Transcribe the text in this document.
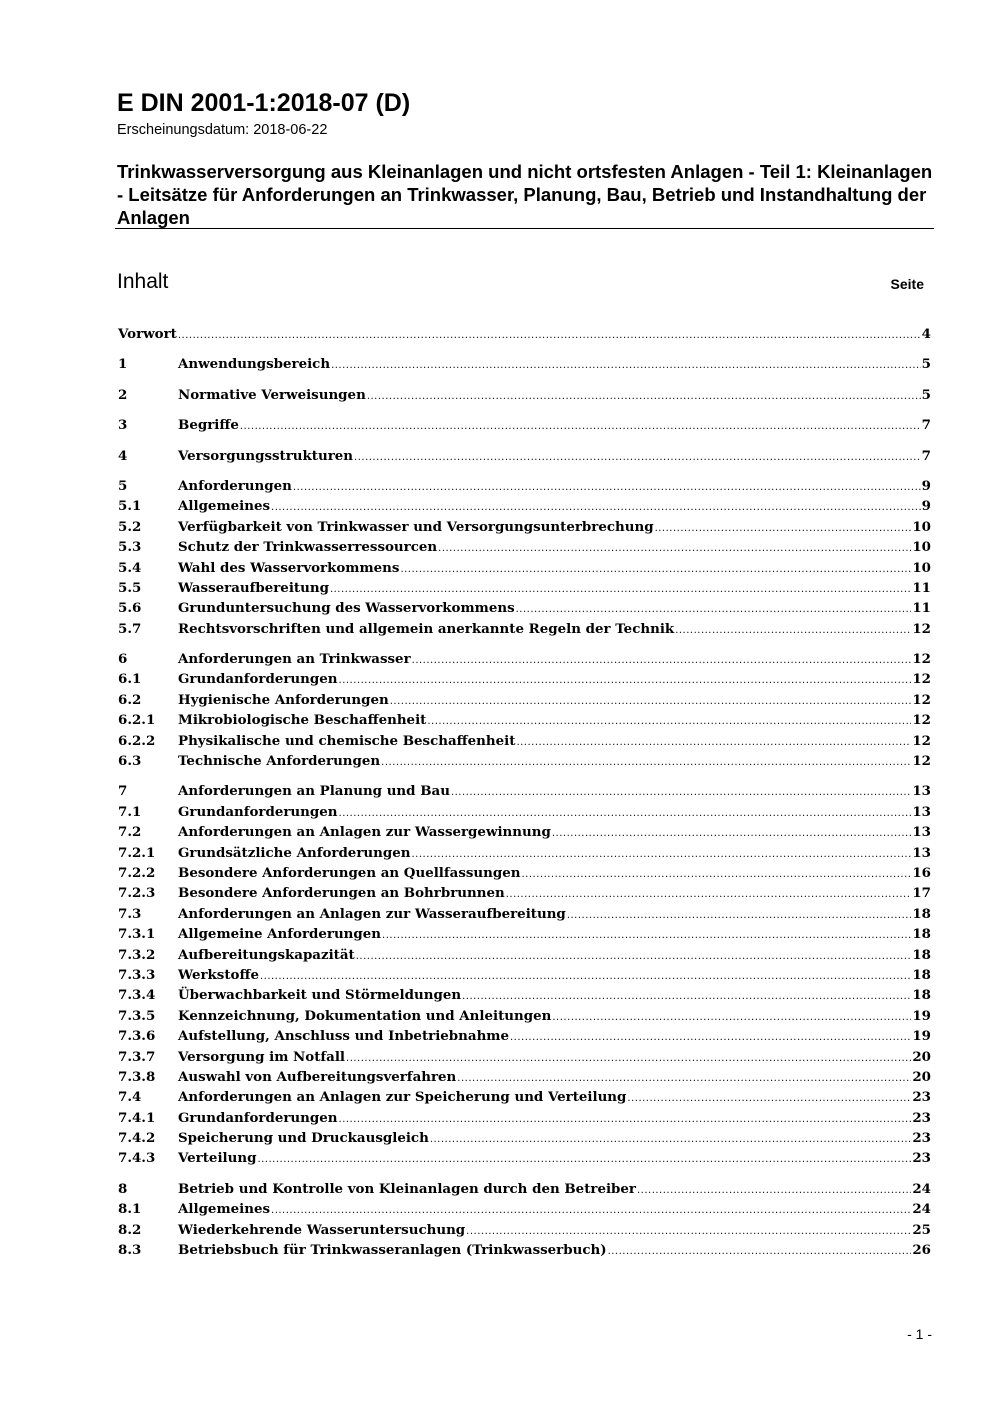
E DIN 2001-1:2018-07 (D)
Erscheinungsdatum: 2018-06-22
Trinkwasserversorgung aus Kleinanlagen und nicht ortsfesten Anlagen - Teil 1: Kleinanlagen - Leitsätze für Anforderungen an Trinkwasser, Planung, Bau, Betrieb und Instandhaltung der Anlagen
Inhalt	Seite
Vorwort .....	4
1	Anwendungsbereich .....	5
2	Normative Verweisungen .....	5
3	Begriffe .....	7
4	Versorgungsstrukturen .....	7
5	Anforderungen .....	9
5.1	Allgemeines .....	9
5.2	Verfügbarkeit von Trinkwasser und Versorgungsunterbrechung .....	10
5.3	Schutz der Trinkwasserressourcen .....	10
5.4	Wahl des Wasservorkommens .....	10
5.5	Wasseraufbereitung .....	11
5.6	Grunduntersuchung des Wasservorkommens .....	11
5.7	Rechtsvorschriften und allgemein anerkannte Regeln der Technik .....	12
6	Anforderungen an Trinkwasser .....	12
6.1	Grundanforderungen .....	12
6.2	Hygienische Anforderungen .....	12
6.2.1	Mikrobiologische Beschaffenheit .....	12
6.2.2	Physikalische und chemische Beschaffenheit .....	12
6.3	Technische Anforderungen .....	12
7	Anforderungen an Planung und Bau .....	13
7.1	Grundanforderungen .....	13
7.2	Anforderungen an Anlagen zur Wassergewinnung .....	13
7.2.1	Grundsätzliche Anforderungen .....	13
7.2.2	Besondere Anforderungen an Quellfassungen .....	16
7.2.3	Besondere Anforderungen an Bohrbrunnen .....	17
7.3	Anforderungen an Anlagen zur Wasseraufbereitung .....	18
7.3.1	Allgemeine Anforderungen .....	18
7.3.2	Aufbereitungskapazität .....	18
7.3.3	Werkstoffe .....	18
7.3.4	Überwachbarkeit und Störmeldungen .....	18
7.3.5	Kennzeichnung, Dokumentation und Anleitungen .....	19
7.3.6	Aufstellung, Anschluss und Inbetriebnahme .....	19
7.3.7	Versorgung im Notfall .....	20
7.3.8	Auswahl von Aufbereitungsverfahren .....	20
7.4	Anforderungen an Anlagen zur Speicherung und Verteilung .....	23
7.4.1	Grundanforderungen .....	23
7.4.2	Speicherung und Druckausgleich .....	23
7.4.3	Verteilung .....	23
8	Betrieb und Kontrolle von Kleinanlagen durch den Betreiber .....	24
8.1	Allgemeines .....	24
8.2	Wiederkehrende Wasseruntersuchung .....	25
8.3	Betriebsbuch für Trinkwasseranlagen (Trinkwasserbuch) .....	26
- 1 -
